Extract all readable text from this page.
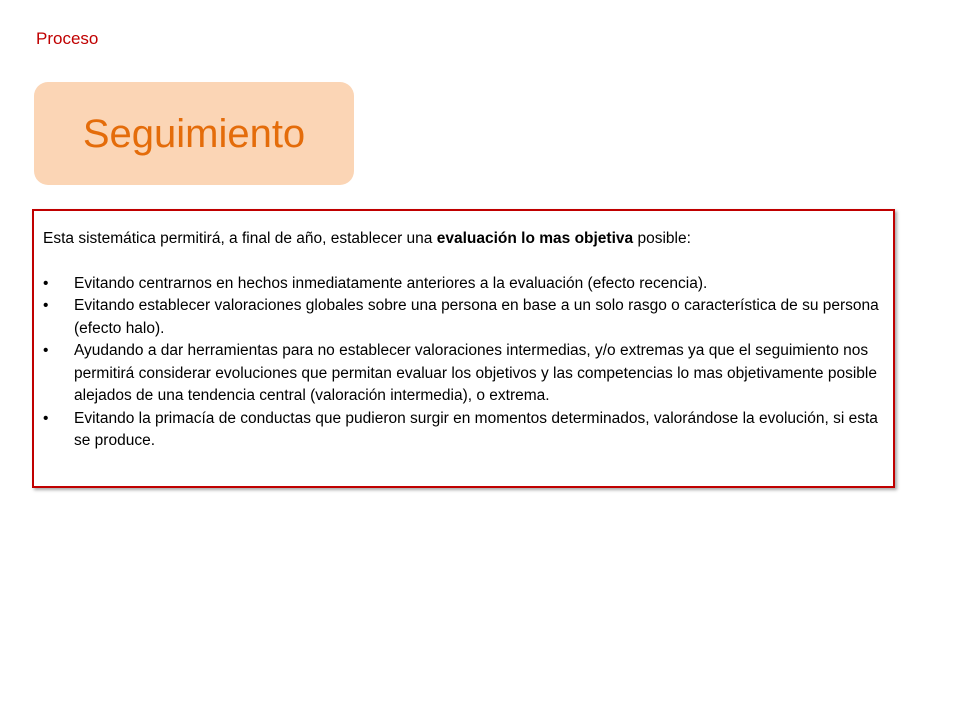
Proceso
Seguimiento

Esta sistemática permitirá, a final de año, establecer una evaluación lo mas objetiva posible:

• Evitando centrarnos en hechos inmediatamente anteriores a la evaluación (efecto recencia).
• Evitando establecer valoraciones globales sobre una persona en base a un solo rasgo o característica de su persona (efecto halo).
• Ayudando a dar herramientas para no establecer valoraciones intermedias, y/o extremas ya que el seguimiento nos permitirá considerar evoluciones que permitan evaluar los objetivos y las competencias lo mas objetivamente posible alejados de una tendencia central (valoración intermedia), o extrema.
• Evitando la primacía de conductas que pudieron surgir en momentos determinados, valorándose la evolución, si esta se produce.
